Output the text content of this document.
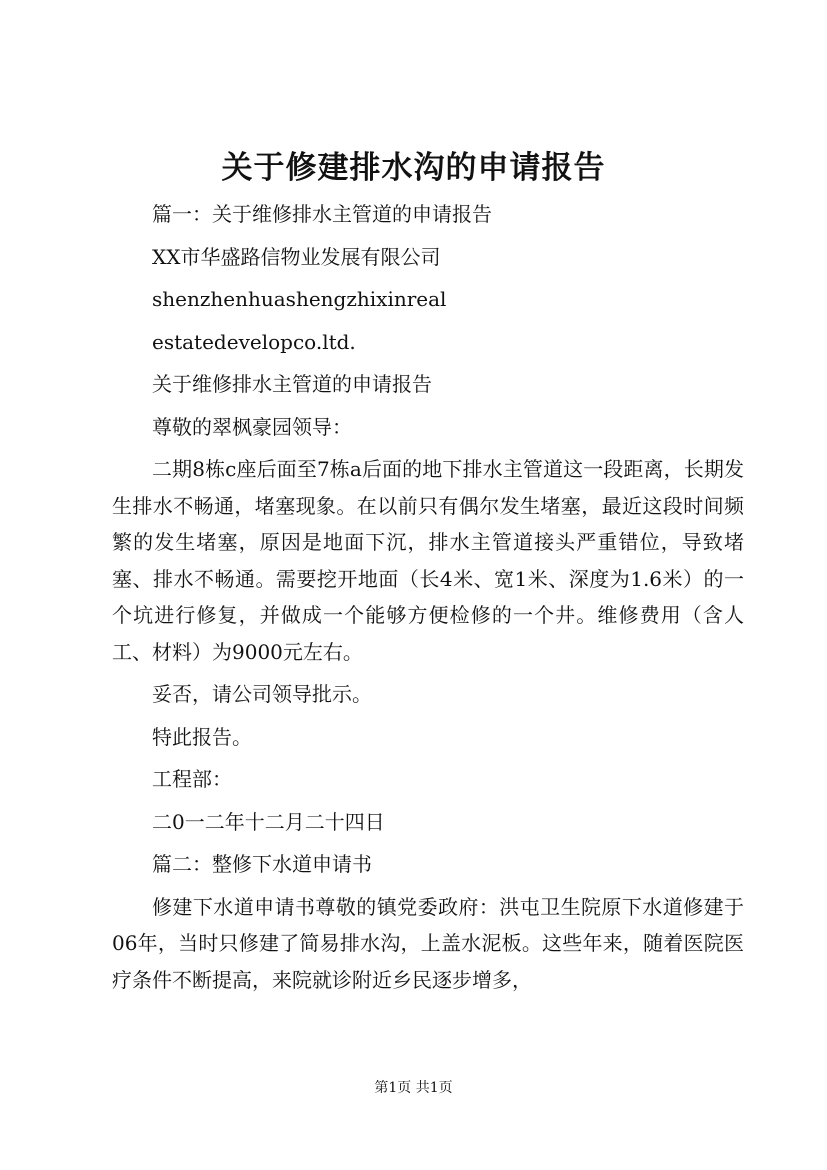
关于修建排水沟的申请报告

篇一：关于维修排水主管道的申请报告

XX市华盛路信物业发展有限公司

shenzhenhuashengzhixinreal

estatedevelopco.ltd.

关于维修排水主管道的申请报告

尊敬的翠枫豪园领导：

二期8栋c座后面至7栋a后面的地下排水主管道这一段距离，长期发生排水不畅通，堵塞现象。在以前只有偶尔发生堵塞，最近这段时间频繁的发生堵塞，原因是地面下沉，排水主管道接头严重错位，导致堵塞、排水不畅通。需要挖开地面（长4米、宽1米、深度为1.6米）的一个坑进行修复，并做成一个能够方便检修的一个井。维修费用（含人工、材料）为9000元左右。

妥否，请公司领导批示。

特此报告。

工程部：

二0一二年十二月二十四日

篇二：整修下水道申请书

修建下水道申请书尊敬的镇党委政府：洪屯卫生院原下水道修建于06年，当时只修建了简易排水沟，上盖水泥板。这些年来，随着医院医疗条件不断提高，来院就诊附近乡民逐步增多，

第1页 共1页
